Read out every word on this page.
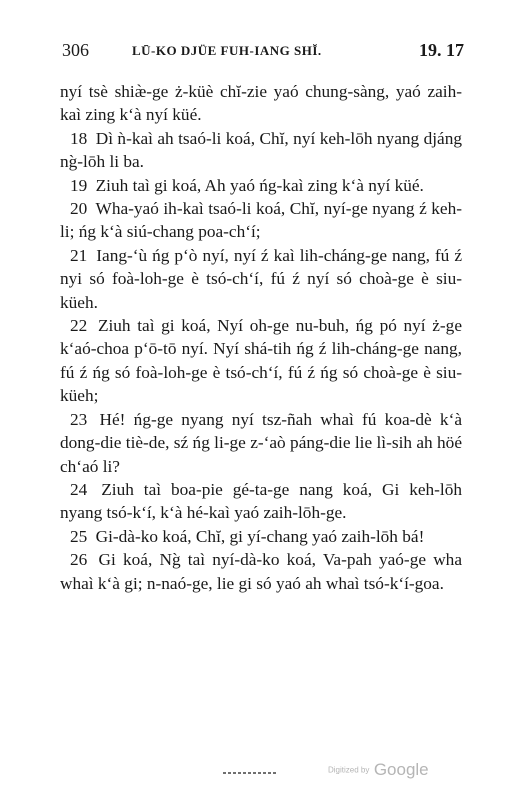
306	LŪ-KO DJÜE FUH-IANG SHĬ.	19. 17

nyí tsè shiæ̀-ge ż-küè chĭ-zie yaó chung-sàng, yaó zaih-kaì zing k‘à nyí küé.

18 Dì ǹ-kaì ah tsaó-li koá, Chĭ, nyí keh-lōh nyang djáng ng̀-lōh li ba.

19 Ziuh taì gi koá, Ah yaó ńg-kaì zing k‘à nyí küé.

20 Wha-yaó ih-kaì tsaó-li koá, Chĭ, nyí-ge nyang ź keh-li; ńg k‘à siú-chang poa-ch‘í;

21 Iang-‘ù ńg p‘ò nyí, nyí ź kaì lih-cháng-ge nang, fú ź nyi só foà-loh-ge è tsó-ch‘í, fú ź nyí só choà-ge è siu-küeh.

22 Ziuh taì gi koá, Nyí oh-ge nu-buh, ńg pó nyí ż-ge k‘aó-choa p‘ō-tō nyí. Nyí shá-tih ńg ź lih-cháng-ge nang, fú ź ńg só foà-loh-ge è tsó-ch‘í, fú ź ńg só choà-ge è siu-küeh;

23 Hé! ńg-ge nyang nyí tsz-ñah whaì fú koa-dè k‘à dong-die tiè-de, sź ńg li-ge z-‘aò páng-die lie lì-sih ah höé ch‘aó li?

24 Ziuh taì boa-pie gé-ta-ge nang koá, Gi keh-lōh nyang tsó-k‘í, k‘à hé-kaì yaó zaih-lōh-ge.

25 Gi-dà-ko koá, Chĭ, gi yí-chang yaó zaih-lōh bá!

26 Gi koá, Ng̀ taì nyí-dà-ko koá, Va-pah yaó-ge wha whaì k‘à gi; n-naó-ge, lie gi só yaó ah whaì tsó-k‘í-goa.

Digitized by Google
